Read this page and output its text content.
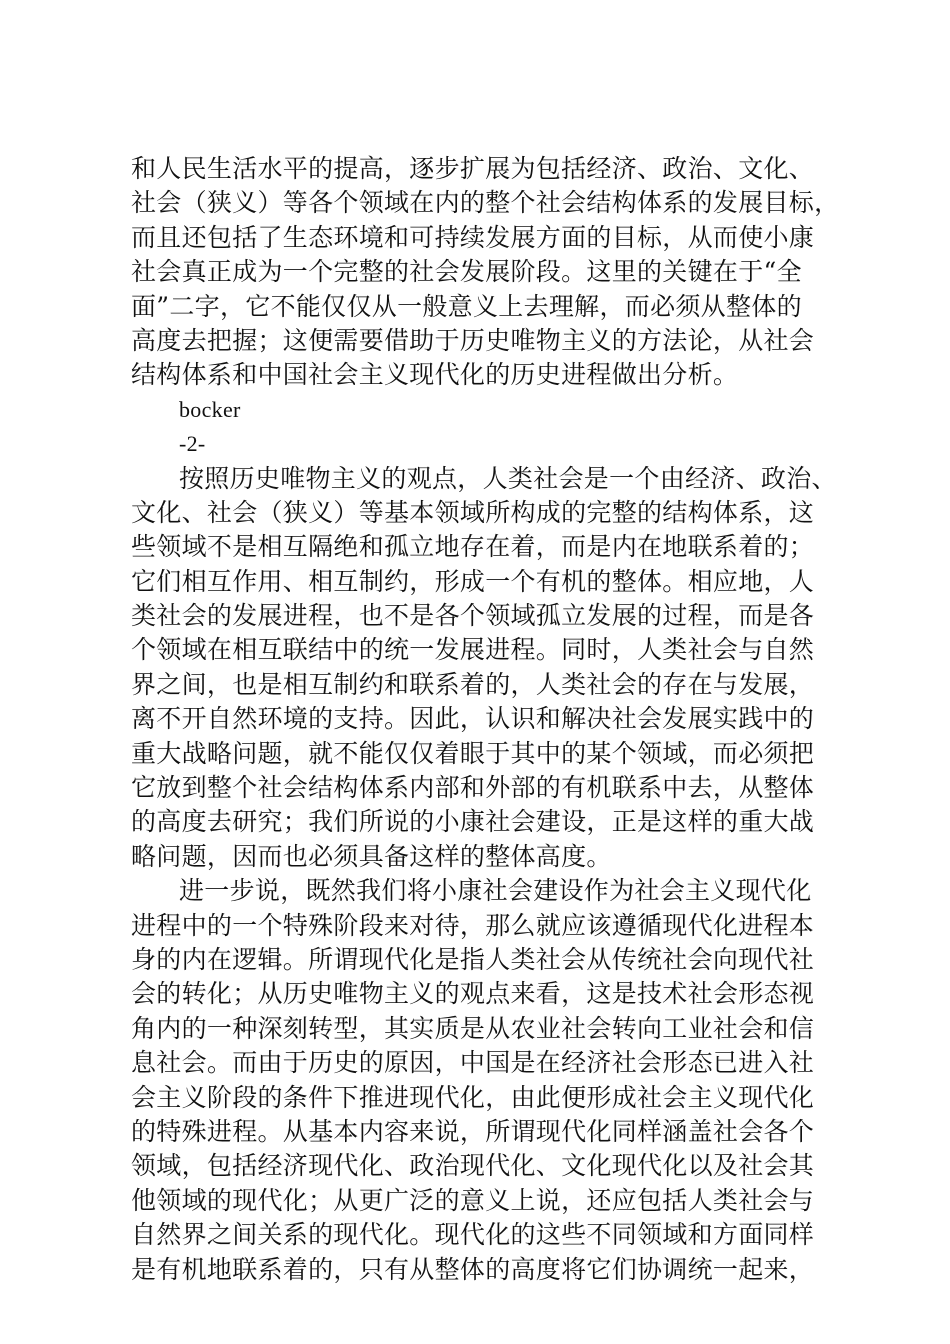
和人民生活水平的提高，逐步扩展为包括经济、政治、文化、
社会（狭义）等各个领域在内的整个社会结构体系的发展目标，
而且还包括了生态环境和可持续发展方面的目标，从而使小康
社会真正成为一个完整的社会发展阶段。这里的关键在于“全
面”二字，它不能仅仅从一般意义上去理解，而必须从整体的
高度去把握；这便需要借助于历史唯物主义的方法论，从社会
结构体系和中国社会主义现代化的历史进程做出分析。
bocker
-2-
按照历史唯物主义的观点，人类社会是一个由经济、政治、
文化、社会（狭义）等基本领域所构成的完整的结构体系，这
些领域不是相互隔绝和孤立地存在着，而是内在地联系着的；
它们相互作用、相互制约，形成一个有机的整体。相应地，人
类社会的发展进程，也不是各个领域孤立发展的过程，而是各
个领域在相互联结中的统一发展进程。同时，人类社会与自然
界之间，也是相互制约和联系着的，人类社会的存在与发展，
离不开自然环境的支持。因此，认识和解决社会发展实践中的
重大战略问题，就不能仅仅着眼于其中的某个领域，而必须把
它放到整个社会结构体系内部和外部的有机联系中去，从整体
的高度去研究；我们所说的小康社会建设，正是这样的重大战
略问题，因而也必须具备这样的整体高度。
进一步说，既然我们将小康社会建设作为社会主义现代化
进程中的一个特殊阶段来对待，那么就应该遵循现代化进程本
身的内在逻辑。所谓现代化是指人类社会从传统社会向现代社
会的转化；从历史唯物主义的观点来看，这是技术社会形态视
角内的一种深刻转型，其实质是从农业社会转向工业社会和信
息社会。而由于历史的原因，中国是在经济社会形态已进入社
会主义阶段的条件下推进现代化，由此便形成社会主义现代化
的特殊进程。从基本内容来说，所谓现代化同样涵盖社会各个
领域，包括经济现代化、政治现代化、文化现代化以及社会其
他领域的现代化；从更广泛的意义上说，还应包括人类社会与
自然界之间关系的现代化。现代化的这些不同领域和方面同样
是有机地联系着的，只有从整体的高度将它们协调统一起来，
